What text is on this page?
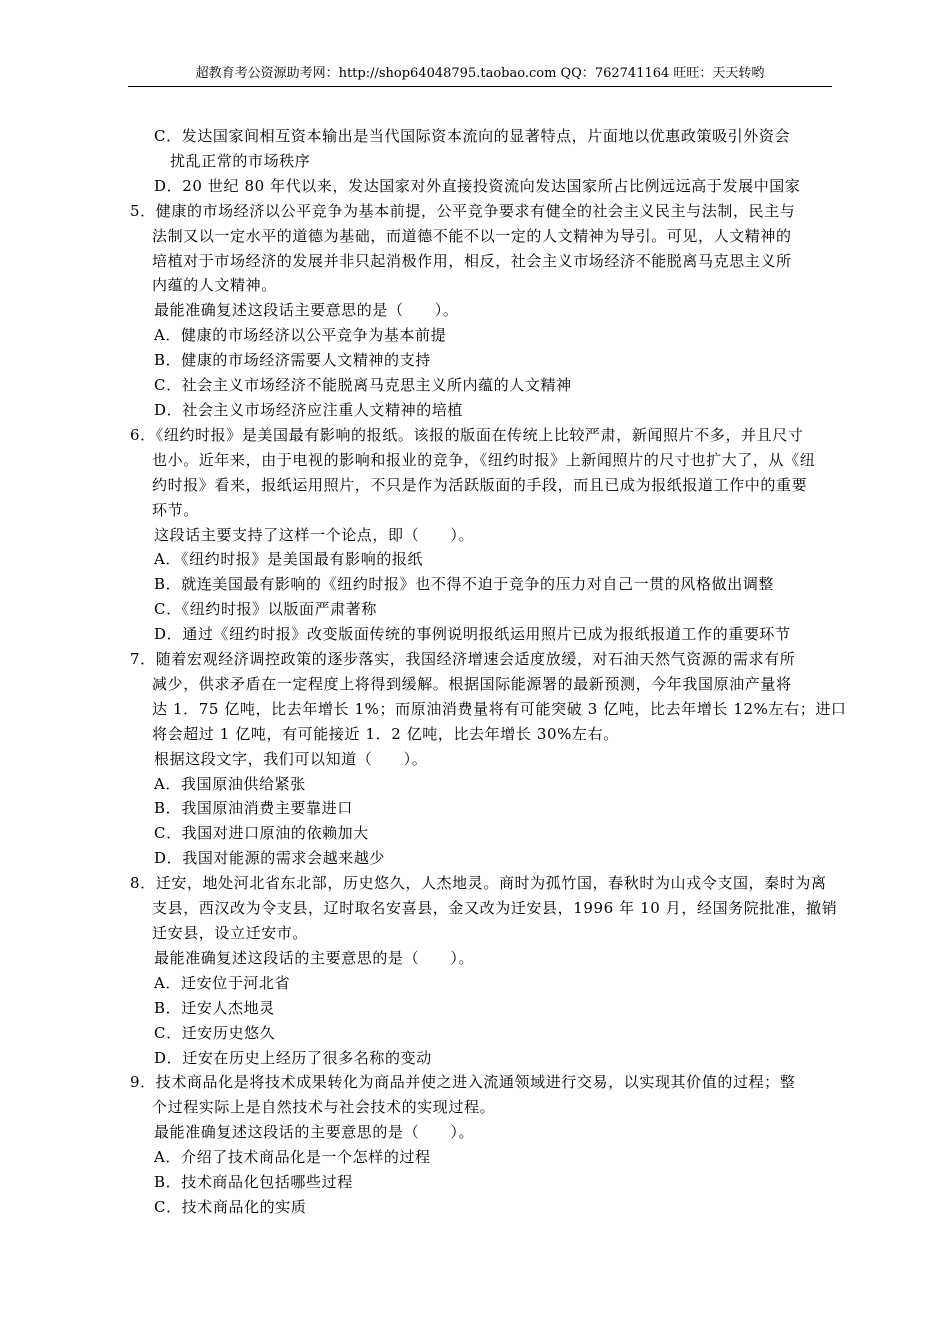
超教育考公资源助考网：http://shop64048795.taobao.com QQ：762741164 旺旺：天天转哟
C．发达国家间相互资本输出是当代国际资本流向的显著特点，片面地以优惠政策吸引外资会
扰乱正常的市场秩序
D．20 世纪 80 年代以来，发达国家对外直接投资流向发达国家所占比例远远高于发展中国家
5．健康的市场经济以公平竞争为基本前提，公平竞争要求有健全的社会主义民主与法制，民主与
法制又以一定水平的道德为基础，而道德不能不以一定的人文精神为导引。可见，人文精神的
培植对于市场经济的发展并非只起消极作用，相反，社会主义市场经济不能脱离马克思主义所
内蕴的人文精神。
最能准确复述这段话主要意思的是（　　）。
A．健康的市场经济以公平竞争为基本前提
B．健康的市场经济需要人文精神的支持
C．社会主义市场经济不能脱离马克思主义所内蕴的人文精神
D．社会主义市场经济应注重人文精神的培植
6．《纽约时报》是美国最有影响的报纸。该报的版面在传统上比较严肃，新闻照片不多，并且尺寸
也小。近年来，由于电视的影响和报业的竞争，《纽约时报》上新闻照片的尺寸也扩大了，从《纽
约时报》看来，报纸运用照片，不只是作为活跃版面的手段，而且已成为报纸报道工作中的重要
环节。
这段话主要支持了这样一个论点，即（　　）。
A．《纽约时报》是美国最有影响的报纸
B．就连美国最有影响的《纽约时报》也不得不迫于竞争的压力对自己一贯的风格做出调整
C．《纽约时报》以版面严肃著称
D．通过《纽约时报》改变版面传统的事例说明报纸运用照片已成为报纸报道工作的重要环节
7．随着宏观经济调控政策的逐步落实，我国经济增速会适度放缓，对石油天然气资源的需求有所
减少，供求矛盾在一定程度上将得到缓解。根据国际能源署的最新预测，今年我国原油产量将
达 1．75 亿吨，比去年增长 1%；而原油消费量将有可能突破 3 亿吨，比去年增长 12%左右；进口
将会超过 1 亿吨，有可能接近 1．2 亿吨，比去年增长 30%左右。
根据这段文字，我们可以知道（　　）。
A．我国原油供给紧张
B．我国原油消费主要靠进口
C．我国对进口原油的依赖加大
D．我国对能源的需求会越来越少
8．迁安，地处河北省东北部，历史悠久，人杰地灵。商时为孤竹国，春秋时为山戎令支国，秦时为离
支县，西汉改为令支县，辽时取名安喜县，金又改为迁安县，1996 年 10 月，经国务院批准，撤销
迁安县，设立迁安市。
最能准确复述这段话的主要意思的是（　　）。
A．迁安位于河北省
B．迁安人杰地灵
C．迁安历史悠久
D．迁安在历史上经历了很多名称的变动
9．技术商品化是将技术成果转化为商品并使之进入流通领域进行交易，以实现其价值的过程；整
个过程实际上是自然技术与社会技术的实现过程。
最能准确复述这段话的主要意思的是（　　）。
A．介绍了技术商品化是一个怎样的过程
B．技术商品化包括哪些过程
C．技术商品化的实质
